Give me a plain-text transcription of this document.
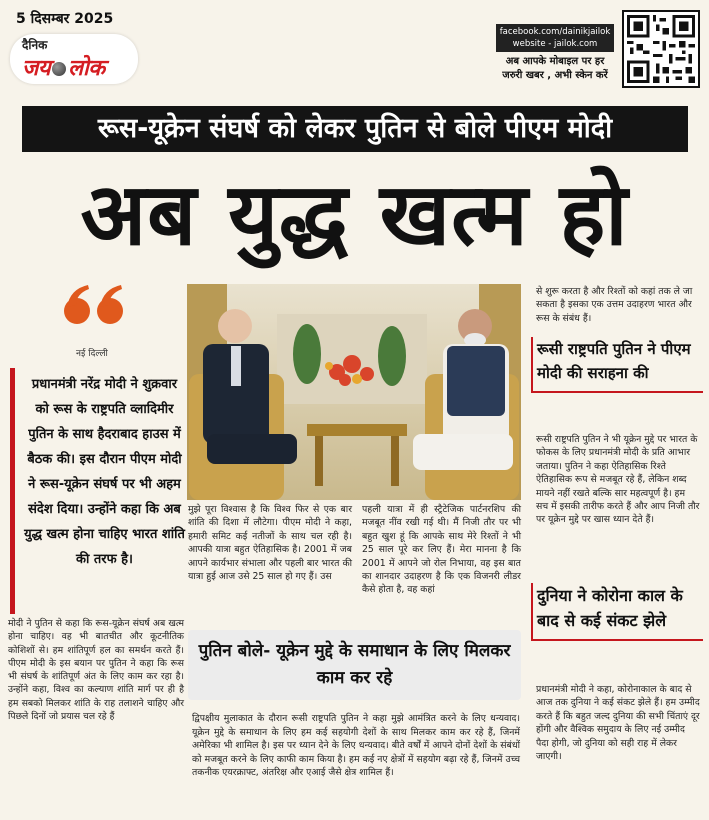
5 दिसम्बर 2025
दैनिक
जय लोक
facebook.com/dainikjailok
website - jailok.com
अब आपके मोबाइल पर हर जरुरी खबर , अभी स्केन करें
रूस-यूक्रेन संघर्ष को लेकर पुतिन से बोले पीएम मोदी
अब युद्ध खत्म हो
नई दिल्ली
प्रधानमंत्री नरेंद्र मोदी ने शुक्रवार को रूस के राष्ट्रपति व्लादिमीर पुतिन के साथ हैदराबाद हाउस में बैठक की। इस दौरान पीएम मोदी ने रूस-यूक्रेन संघर्ष पर भी अहम संदेश दिया। उन्होंने कहा कि अब युद्ध खत्म होना चाहिए भारत शांति की तरफ है।
मोदी ने पुतिन से कहा कि रूस-यूक्रेन संघर्ष अब खत्म होना चाहिए। वह भी बातचीत और कूटनीतिक कोशिशों से। हम शांतिपूर्ण हल का समर्थन करते हैं। पीएम मोदी के इस बयान पर पुतिन ने कहा कि रूस भी संघर्ष के शांतिपूर्ण अंत के लिए काम कर रहा है। उन्होंने कहा, विश्व का कल्याण शांति मार्ग पर ही है हम सबको मिलकर शांति के राह तलाशने चाहिए और पिछले दिनों जो प्रयास चल रहे हैं
मुझे पूरा विश्वास है कि विश्व फिर से एक बार शांति की दिशा में लौटेगा। पीएम मोदी ने कहा, हमारी समिट कई नतीजों के साथ चल रही है। आपकी यात्रा बहुत ऐतिहासिक है। 2001 में जब आपने कार्यभार संभाला और पहली बार भारत की यात्रा हुई आज उसे 25 साल हो गए हैं। उस
पहली यात्रा में ही स्ट्रैटेजिक पार्टनरशिप की मजबूत नींव रखी गई थी। मैं निजी तौर पर भी बहुत खुश हूं कि आपके साथ मेरे रिश्तों ने भी 25 साल पूरे कर लिए हैं। मेरा मानना है कि 2001 में आपने जो रोल निभाया, वह इस बात का शानदार उदाहरण है कि एक विजनरी लीडर कैसे होता है, वह कहां
पुतिन बोले- यूक्रेन मुद्दे के समाधान के लिए मिलकर काम कर रहे
द्विपक्षीय मुलाकात के दौरान रूसी राष्ट्रपति पुतिन ने कहा मुझे आमंत्रित करने के लिए धन्यवाद। यूक्रेन मुद्दे के समाधान के लिए हम कई सहयोगी देशों के साथ मिलकर काम कर रहे हैं, जिनमें अमेरिका भी शामिल है। इस पर ध्यान देने के लिए धन्यवाद। बीते वर्षों में आपने दोनों देशों के संबंधों को मजबूत करने के लिए काफी काम किया है। हम कई नए क्षेत्रों में सहयोग बढ़ा रहे हैं, जिनमें उच्च तकनीक एयरक्राफ्ट, अंतरिक्ष और एआई जैसे क्षेत्र शामिल हैं।
से शुरू करता है और रिश्तों को कहां तक ले जा सकता है इसका एक उत्तम उदाहरण भारत और रूस के संबंध हैं।
रूसी राष्ट्रपति पुतिन ने पीएम मोदी की सराहना की
रूसी राष्ट्रपति पुतिन ने भी यूक्रेन मुद्दे पर भारत के फोकस के लिए प्रधानमंत्री मोदी के प्रति आभार जताया। पुतिन ने कहा ऐतिहासिक रिश्ते ऐतिहासिक रूप से मजबूत रहे हैं, लेकिन शब्द मायने नहीं रखते बल्कि सार महत्वपूर्ण है। हम सच में इसकी तारीफ करते हैं और आप निजी तौर पर यूक्रेन मुद्दे पर खास ध्यान देते हैं।
दुनिया ने कोरोना काल के बाद से कई संकट झेले
प्रधानमंत्री मोदी ने कहा, कोरोनाकाल के बाद से आज तक दुनिया ने कई संकट झेले हैं। हम उम्मीद करते हैं कि बहुत जल्द दुनिया की सभी चिंताएं दूर होंगी और वैश्विक समुदाय के लिए नई उम्मीद पैदा होगी, जो दुनिया को सही राह में लेकर जाएगी।
